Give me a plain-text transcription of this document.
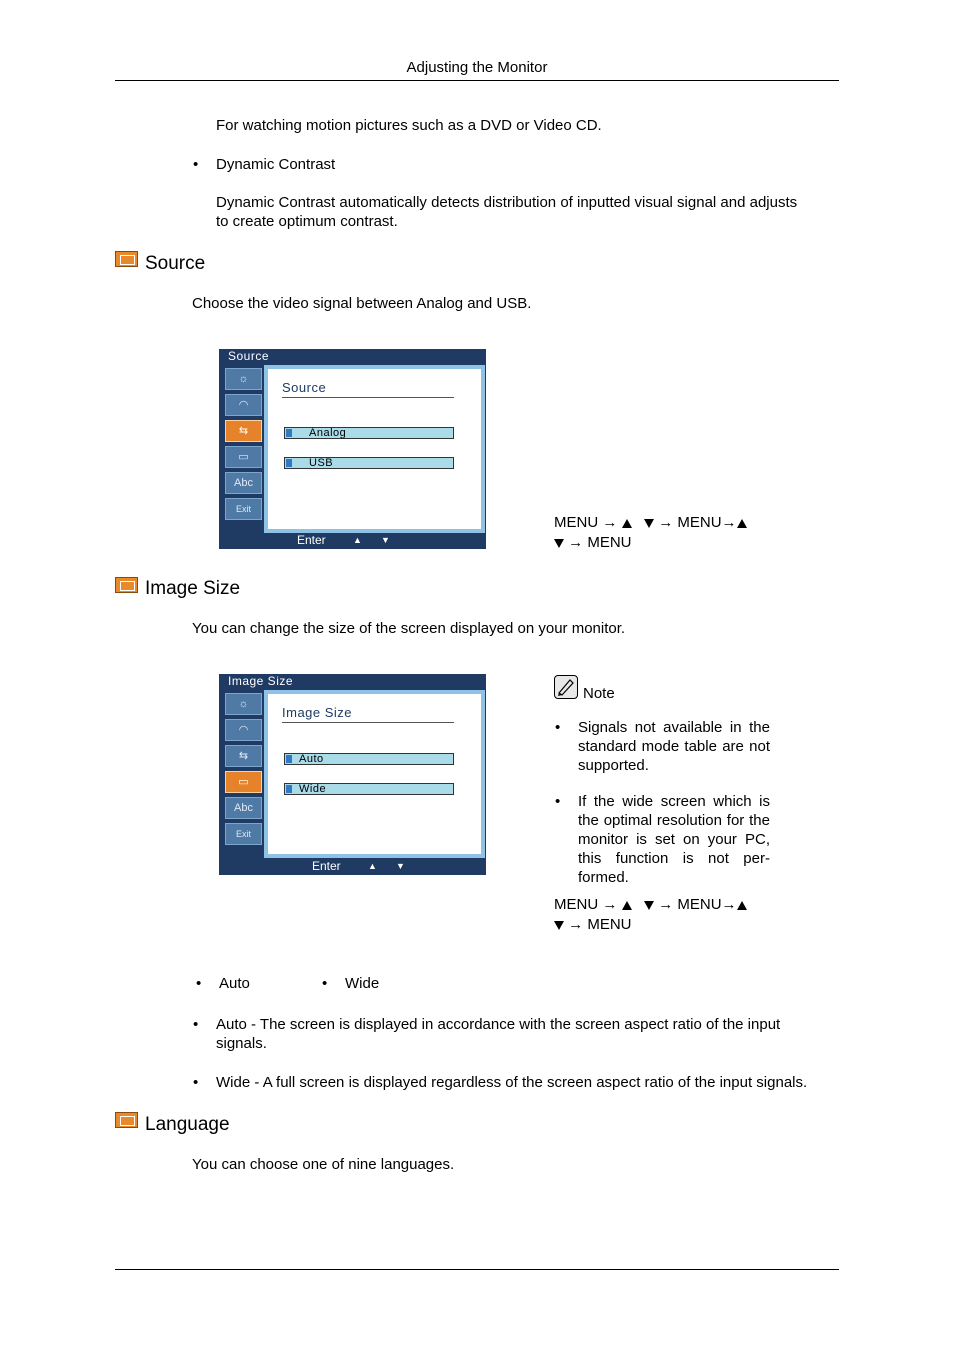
Adjusting the Monitor
For watching motion pictures such as a DVD or Video CD.
• Dynamic Contrast
Dynamic Contrast automatically detects distribution of inputted visual signal and adjusts
to create optimum contrast.
Source
Choose the video signal between Analog and USB.
Source
☼
◠
⇆
▭
Abc
Exit
Source
Analog
USB
Enter	▲ ▼
MENU →	→ MENU→
→ MENU
Image Size
You can change the size of the screen displayed on your monitor.
Image Size
☼
◠
⇆
▭
Abc
Exit
Image Size
Auto
Wide
Enter	▲ ▼
Note
• Signals not available in the standard mode table are not supported.
• If the wide screen which is the optimal resolution for the monitor is set on your PC, this function is not per-formed.
MENU →	→ MENU→
→ MENU
• Auto
•	Wide
• Auto - The screen is displayed in accordance with the screen aspect ratio of the input
signals.
• Wide - A full screen is displayed regardless of the screen aspect ratio of the input signals.
Language
You can choose one of nine languages.
